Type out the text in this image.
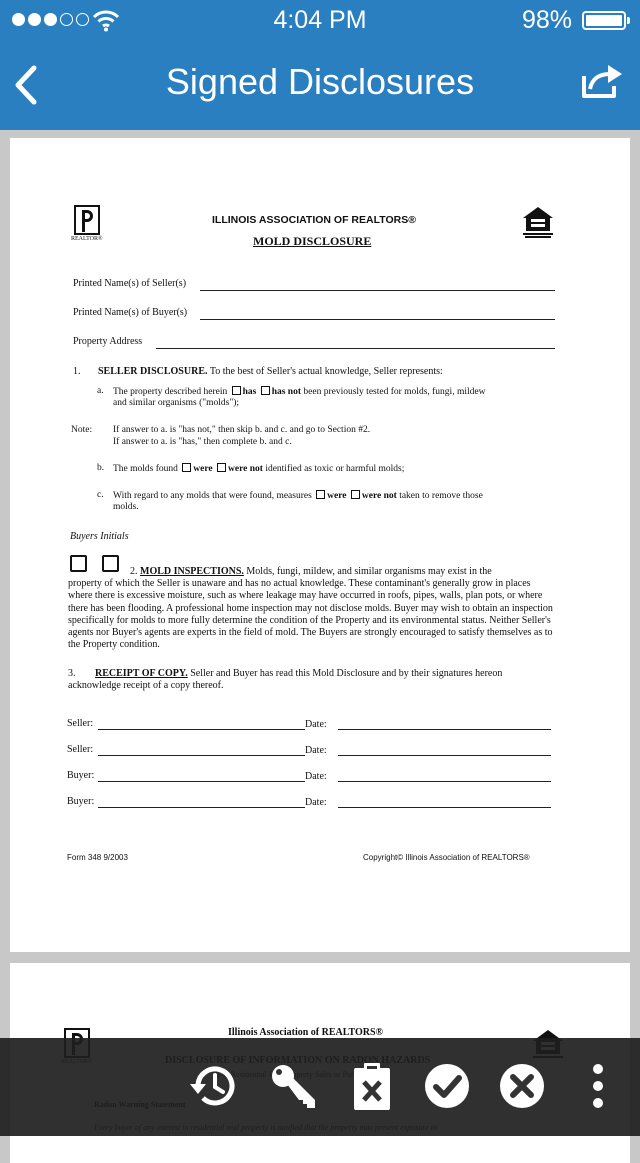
4:04 PM	98%
Signed Disclosures
REALTOR®
ILLINOIS ASSOCIATION OF REALTORS®
MOLD DISCLOSURE
Printed Name(s) of Seller(s)
Printed Name(s) of Buyer(s)
Property Address
1. SELLER DISCLOSURE. To the best of Seller's actual knowledge, Seller represents:
a. The property described herein has has not been previously tested for molds, fungi, mildew
and similar organisms ("molds");
Note: If answer to a. is "has not," then skip b. and c. and go to Section #2.
If answer to a. is "has," then complete b. and c.
b. The molds found were were not identified as toxic or harmful molds;
c. With regard to any molds that were found, measures were were not taken to remove those
molds.
Buyers Initials
2. MOLD INSPECTIONS. Molds, fungi, mildew, and similar organisms may exist in the
property of which the Seller is unaware and has no actual knowledge. These contaminant's generally grow in places where there is excessive moisture, such as where leakage may have occurred in roofs, pipes, walls, plan pots, or where there has been flooding. A professional home inspection may not disclose molds. Buyer may wish to obtain an inspection specifically for molds to more fully determine the condition of the Property and its environmental status. Neither Seller's agents nor Buyer's agents are experts in the field of mold. The Buyers are strongly encouraged to satisfy themselves as to the Property condition.
3.	RECEIPT OF COPY. Seller and Buyer has read this Mold Disclosure and by their signatures hereon acknowledge receipt of a copy thereof.
Seller:	Date:
Seller:	Date:
Buyer:	Date:
Buyer:	Date:
Form 348 9/2003	Copyright© Illinois Association of REALTORS®
Illinois Association of REALTORS®
